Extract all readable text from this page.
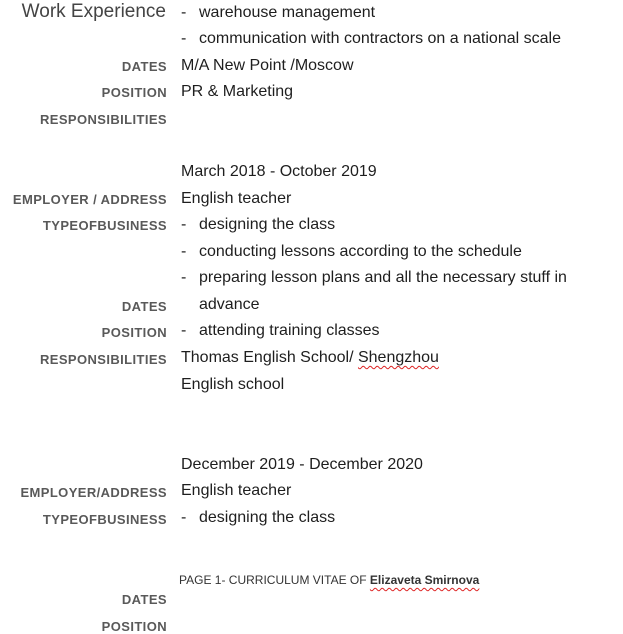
Work Experience - warehouse management
- communication with contractors on a national scale
DATES M/A New Point /Moscow
POSITION PR & Marketing
RESPONSIBILITIES
March 2018 - October 2019
EMPLOYER / ADDRESS English teacher
TYPEOFBUSINESS - designing the class
- conducting lessons according to the schedule
- preparing lesson plans and all the necessary stuff in
advance
DATES
POSITION - attending training classes
RESPONSIBILITIES Thomas English School/ Shengzhou
English school
December 2019 - December 2020
EMPLOYER/ADDRESS English teacher
TYPEOFBUSINESS - designing the class
PAGE 1- CURRICULUM VITAE OF Elizaveta Smirnova
DATES
POSITION
